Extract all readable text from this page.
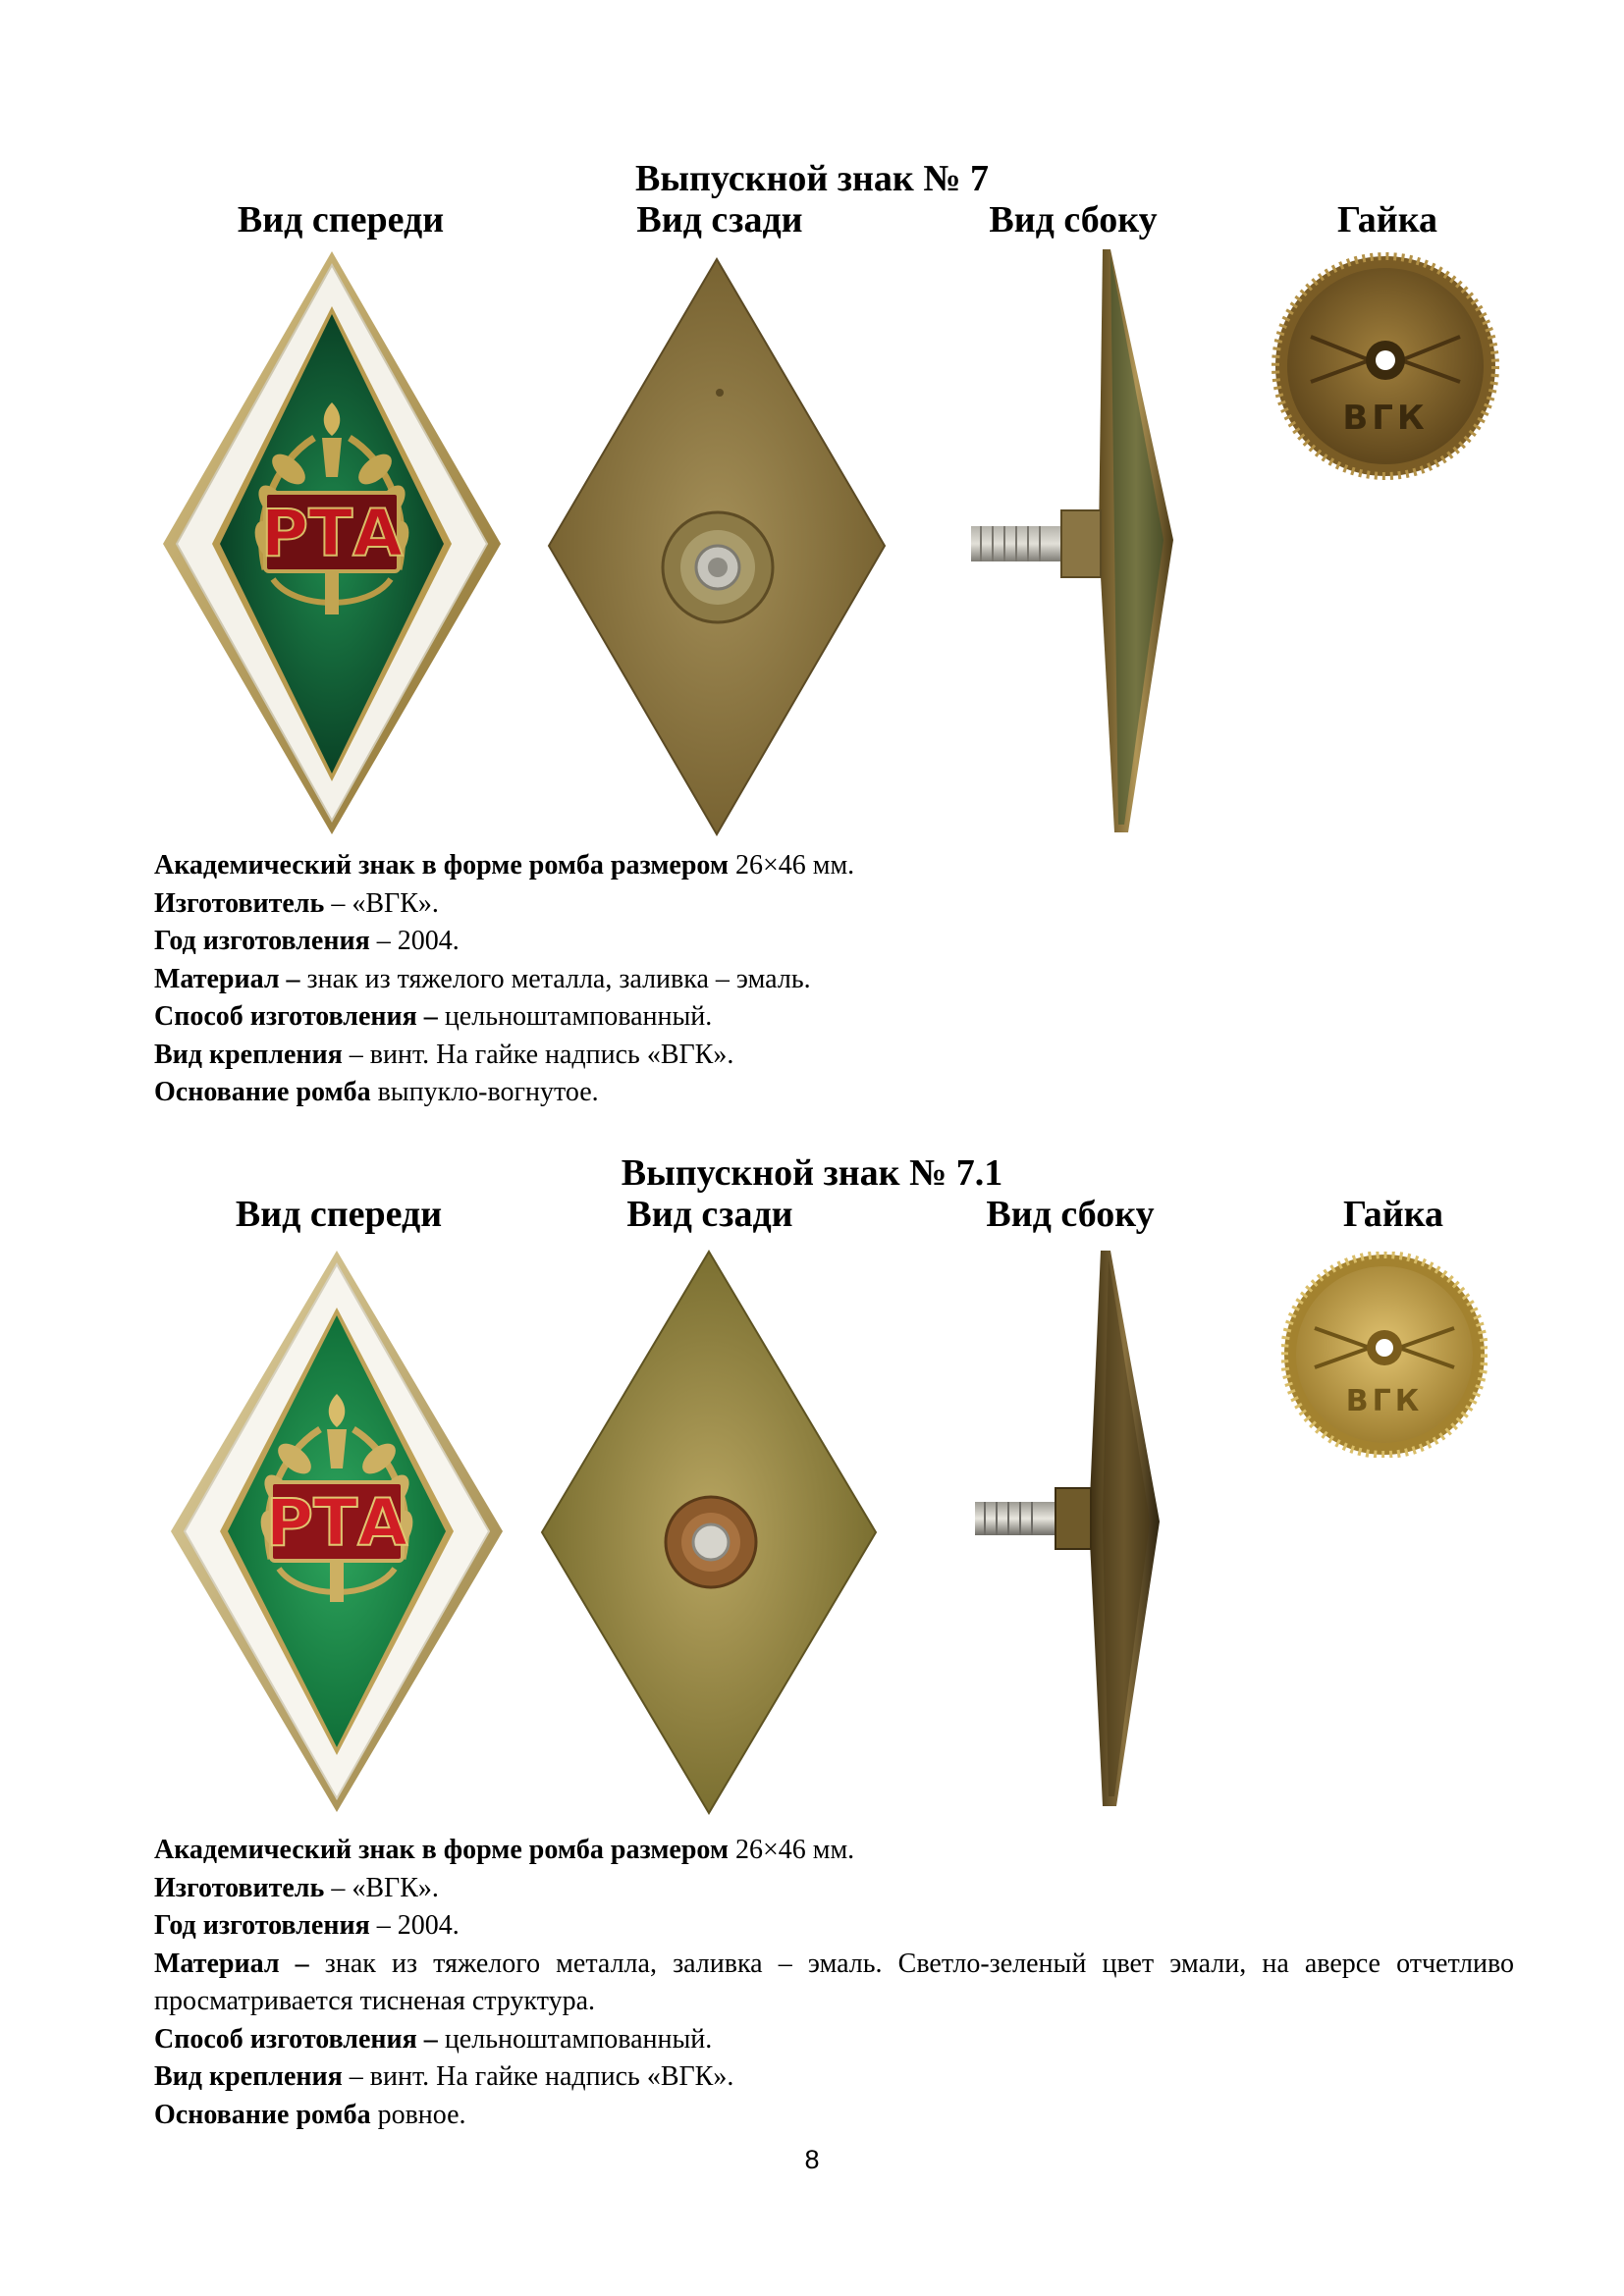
Выпускной знак № 7
Вид спереди	Вид сзади	Вид сбоку	Гайка
РТА
ВГК
Академический знак в форме ромба размером 26×46 мм.
Изготовитель – «ВГК».
Год изготовления – 2004.
Материал – знак из тяжелого металла, заливка – эмаль.
Способ изготовления – цельноштампованный.
Вид крепления – винт. На гайке надпись «ВГК».
Основание ромба выпукло-вогнутое.
Выпускной знак № 7.1
Вид спереди	Вид сзади	Вид сбоку	Гайка
РТА
ВГК
Академический знак в форме ромба размером 26×46 мм.
Изготовитель – «ВГК».
Год изготовления – 2004.
Материал – знак из тяжелого металла, заливка – эмаль. Светло-зеленый цвет эмали, на аверсе отчетливо просматривается тисненая структура.
Способ изготовления – цельноштампованный.
Вид крепления – винт. На гайке надпись «ВГК».
Основание ромба ровное.
8
